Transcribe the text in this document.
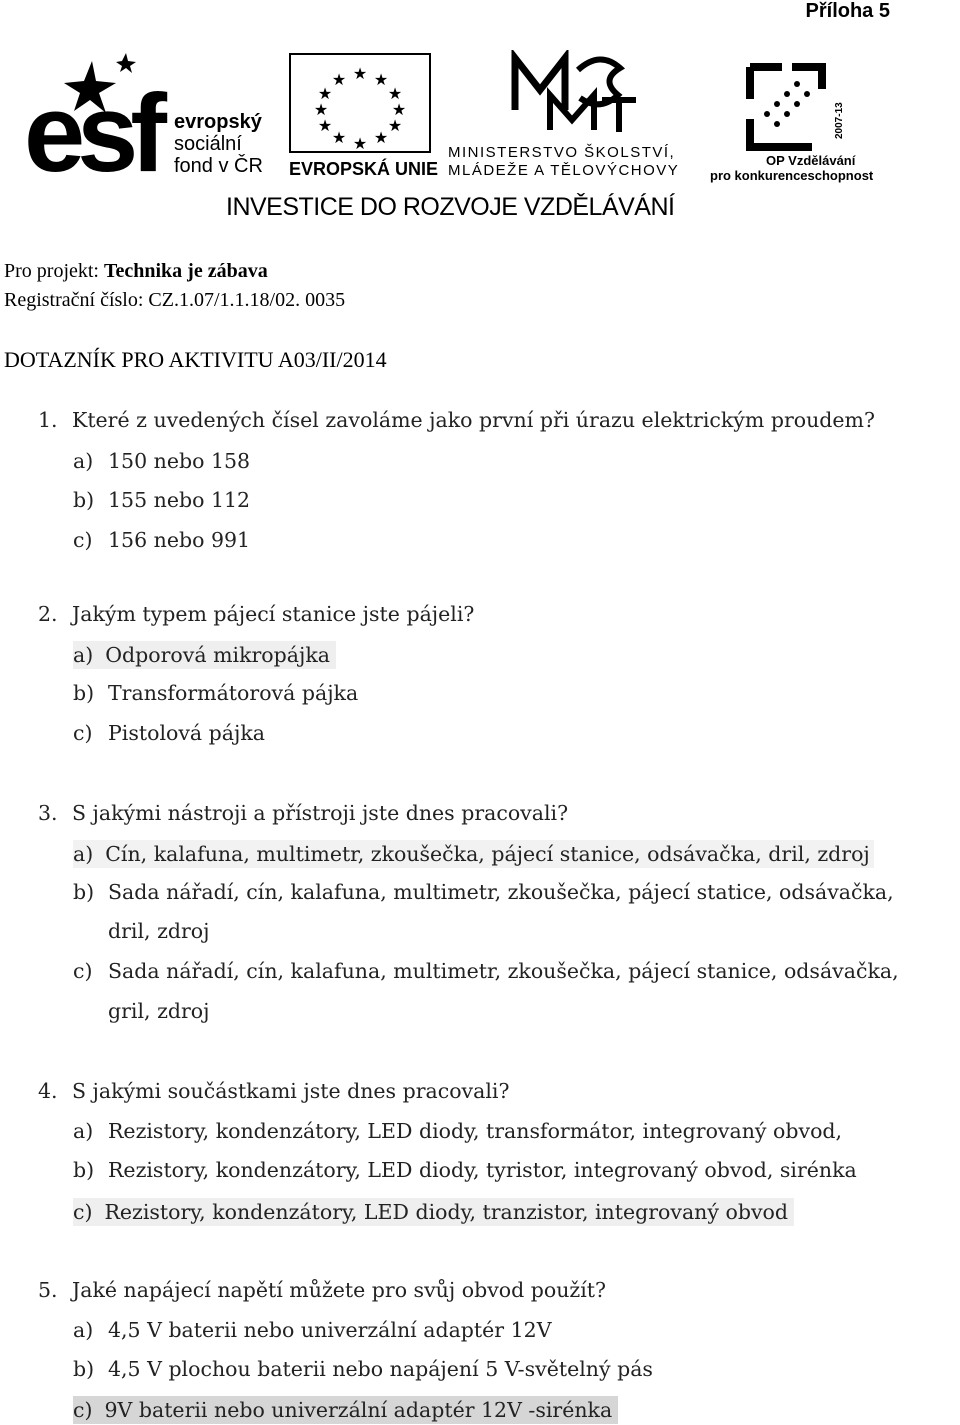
Příloha 5
esf evropský
sociální
fond v ČR
★ ★
★
★
★
★
★
★
★
★
★
★
EVROPSKÁ UNIE
MINISTERSTVO ŠKOLSTVÍ,
MLÁDEŽE A TĚLOVÝCHOVY
2007-13
OP Vzdělávání
pro konkurenceschopnost
INVESTICE DO ROZVOJE VZDĚLÁVÁNÍ
Pro projekt: Technika je zábava
Registrační číslo: CZ.1.07/1.1.18/02. 0035
DOTAZNÍK PRO AKTIVITU A03/II/2014
1. Které z uvedených čísel zavoláme jako první při úrazu elektrickým proudem?
a) 150 nebo 158
b) 155 nebo 112
c) 156 nebo 991
2. Jakým typem pájecí stanice jste pájeli?
a) Odporová mikropájka
b) Transformátorová pájka
c) Pistolová pájka
3. S jakými nástroji a přístroji jste dnes pracovali?
a) Cín, kalafuna, multimetr, zkoušečka, pájecí stanice, odsávačka, dril, zdroj
b) Sada nářadí, cín, kalafuna, multimetr, zkoušečka, pájecí statice, odsávačka,
dril, zdroj
c) Sada nářadí, cín, kalafuna, multimetr, zkoušečka, pájecí stanice, odsávačka,
gril, zdroj
4. S jakými součástkami jste dnes pracovali?
a) Rezistory, kondenzátory, LED diody, transformátor, integrovaný obvod,
b) Rezistory, kondenzátory, LED diody, tyristor, integrovaný obvod, sirénka
c) Rezistory, kondenzátory, LED diody, tranzistor, integrovaný obvod
5. Jaké napájecí napětí můžete pro svůj obvod použít?
a) 4,5 V baterii nebo univerzální adaptér 12V
b) 4,5 V plochou baterii nebo napájení 5 V-světelný pás
c) 9V baterii nebo univerzální adaptér 12V -sirénka
